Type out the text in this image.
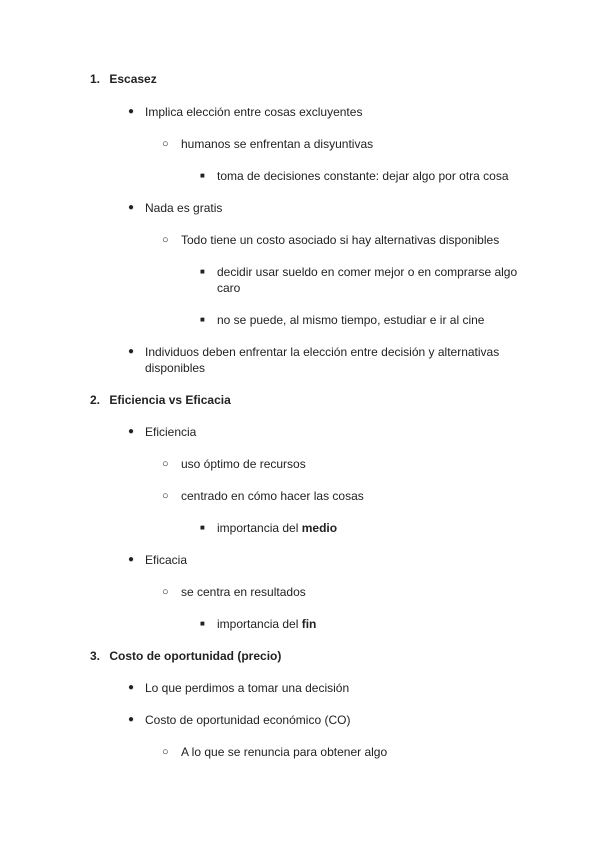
1. Escasez
● Implica elección entre cosas excluyentes
○ humanos se enfrentan a disyuntivas
■ toma de decisiones constante: dejar algo por otra cosa
● Nada es gratis
○ Todo tiene un costo asociado si hay alternativas disponibles
■ decidir usar sueldo en comer mejor o en comprarse algo caro
■ no se puede, al mismo tiempo, estudiar e ir al cine
● Individuos deben enfrentar la elección entre decisión y alternativas disponibles
2. Eficiencia vs Eficacia
● Eficiencia
○ uso óptimo de recursos
○ centrado en cómo hacer las cosas
■ importancia del medio
● Eficacia
○ se centra en resultados
■ importancia del fin
3. Costo de oportunidad (precio)
● Lo que perdimos a tomar una decisión
● Costo de oportunidad económico (CO)
○ A lo que se renuncia para obtener algo
